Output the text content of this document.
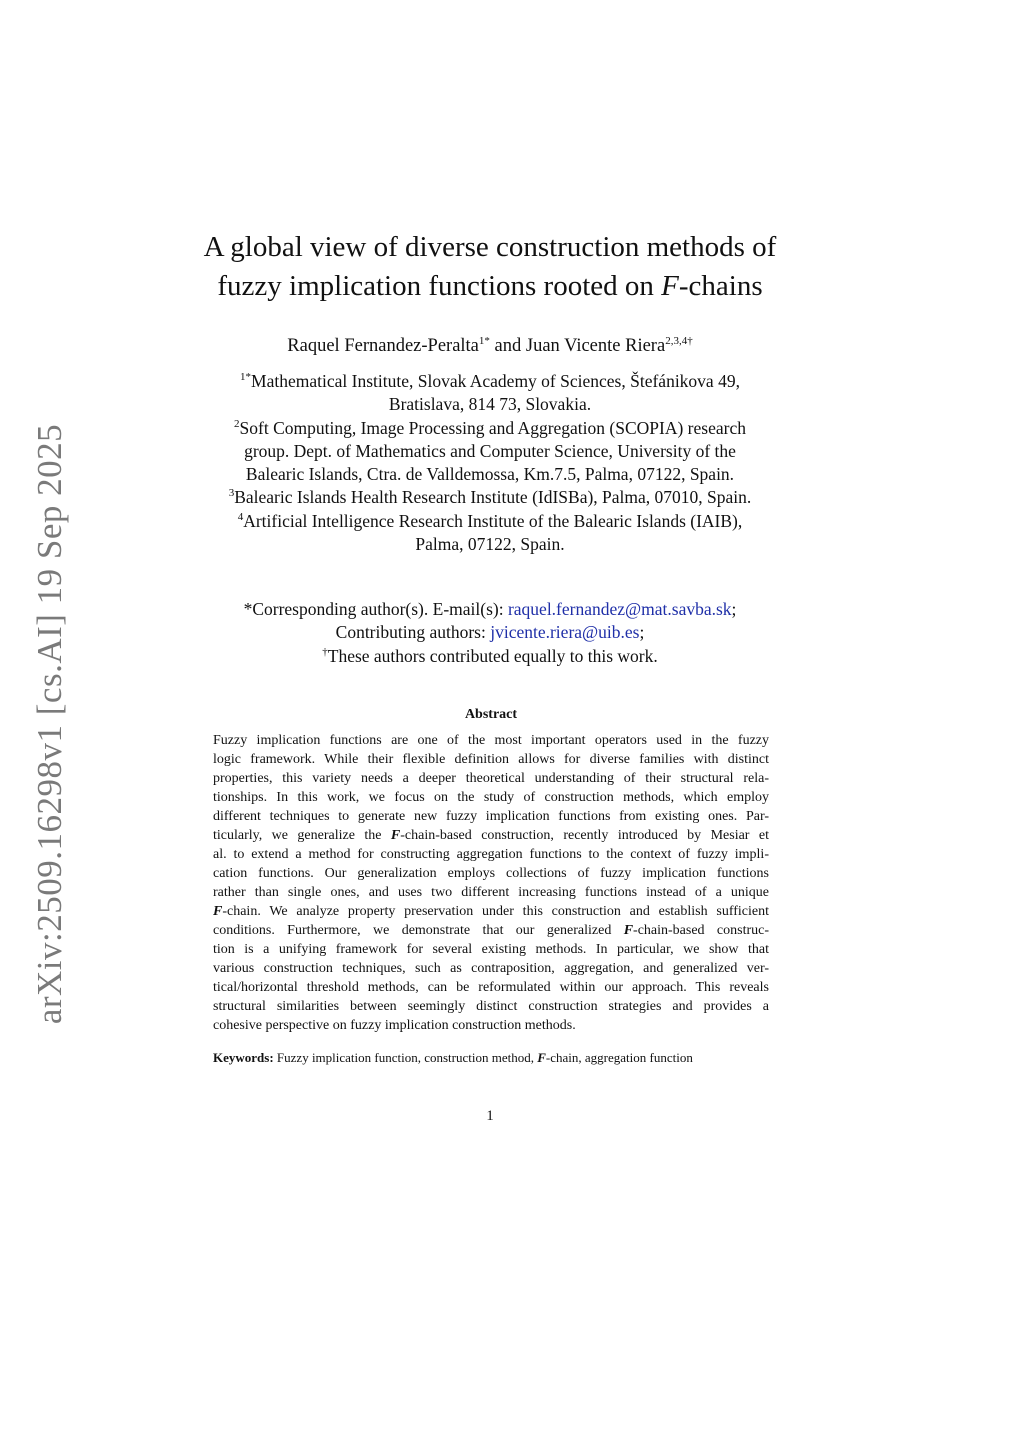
arXiv:2509.16298v1 [cs.AI] 19 Sep 2025
A global view of diverse construction methods of
fuzzy implication functions rooted on F-chains
Raquel Fernandez-Peralta$^{1*}$ and Juan Vicente Riera$^{2,3,4\dagger}$
$^{1*}$Mathematical Institute, Slovak Academy of Sciences, Štefánikova 49,
Bratislava, 814 73, Slovakia.
$^2$Soft Computing, Image Processing and Aggregation (SCOPIA) research
group. Dept. of Mathematics and Computer Science, University of the
Balearic Islands, Ctra. de Valldemossa, Km.7.5, Palma, 07122, Spain.
$^3$Balearic Islands Health Research Institute (IdISBa), Palma, 07010, Spain.
$^4$Artificial Intelligence Research Institute of the Balearic Islands (IAIB),
Palma, 07122, Spain.
*Corresponding author(s). E-mail(s): raquel.fernandez@mat.savba.sk;
Contributing authors: jvicente.riera@uib.es;
†These authors contributed equally to this work.
Abstract
Fuzzy implication functions are one of the most important operators used in the fuzzy
logic framework. While their flexible definition allows for diverse families with distinct
properties, this variety needs a deeper theoretical understanding of their structural rela-
tionships. In this work, we focus on the study of construction methods, which employ
different techniques to generate new fuzzy implication functions from existing ones. Par-
ticularly, we generalize the F-chain-based construction, recently introduced by Mesiar et
al. to extend a method for constructing aggregation functions to the context of fuzzy impli-
cation functions. Our generalization employs collections of fuzzy implication functions
rather than single ones, and uses two different increasing functions instead of a unique
F-chain. We analyze property preservation under this construction and establish sufficient
conditions. Furthermore, we demonstrate that our generalized F-chain-based construc-
tion is a unifying framework for several existing methods. In particular, we show that
various construction techniques, such as contraposition, aggregation, and generalized ver-
tical/horizontal threshold methods, can be reformulated within our approach. This reveals
structural similarities between seemingly distinct construction strategies and provides a
cohesive perspective on fuzzy implication construction methods.
Keywords: Fuzzy implication function, construction method, F-chain, aggregation function
1
